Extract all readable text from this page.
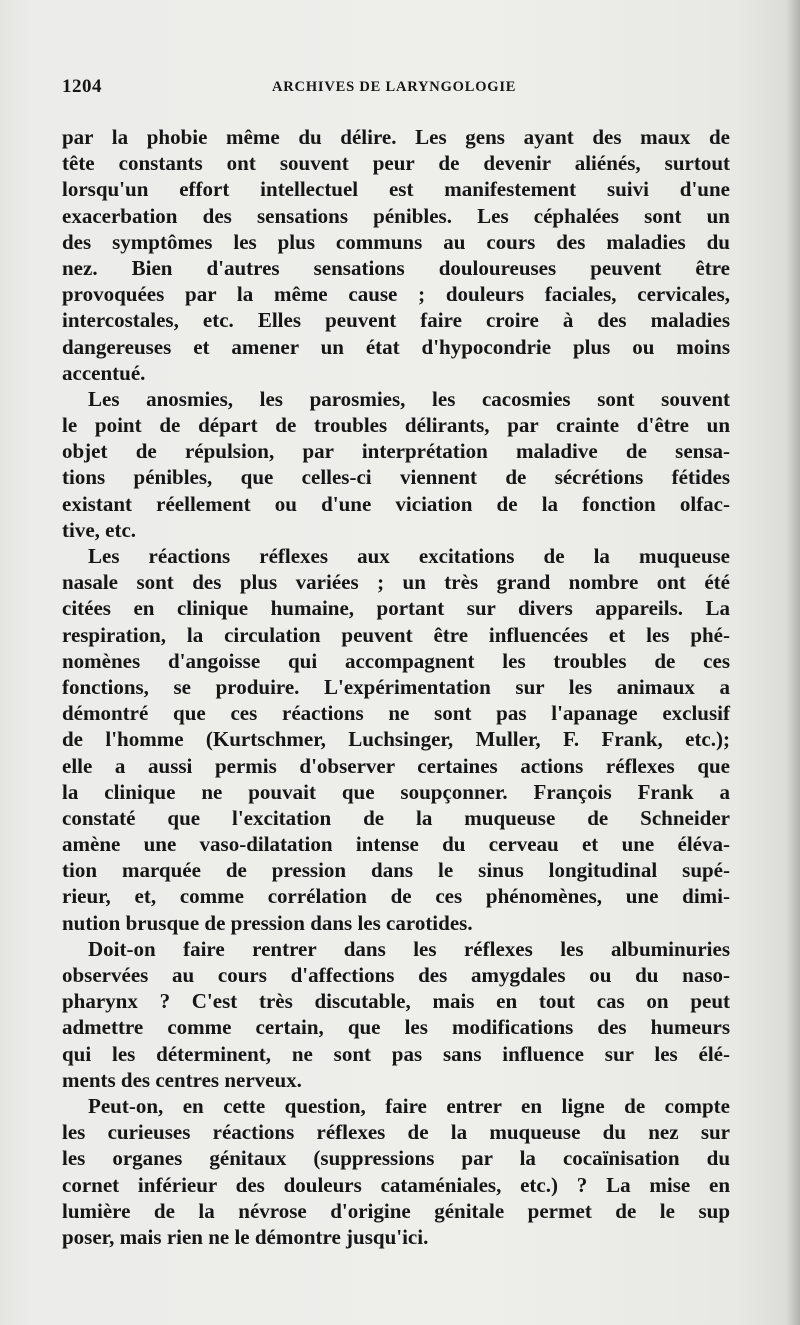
1204	ARCHIVES DE LARYNGOLOGIE

par la phobie même du délire. Les gens ayant des maux de
tête constants ont souvent peur de devenir aliénés, surtout
lorsqu'un effort intellectuel est manifestement suivi d'une
exacerbation des sensations pénibles. Les céphalées sont un
des symptômes les plus communs au cours des maladies du
nez. Bien d'autres sensations douloureuses peuvent être
provoquées par la même cause ; douleurs faciales, cervicales,
intercostales, etc. Elles peuvent faire croire à des maladies
dangereuses et amener un état d'hypocondrie plus ou moins
accentué.

Les anosmies, les parosmies, les cacosmies sont souvent
le point de départ de troubles délirants, par crainte d'être un
objet de répulsion, par interprétation maladive de sensa-
tions pénibles, que celles-ci viennent de sécrétions fétides
existant réellement ou d'une viciation de la fonction olfac-
tive, etc.

Les réactions réflexes aux excitations de la muqueuse
nasale sont des plus variées ; un très grand nombre ont été
citées en clinique humaine, portant sur divers appareils. La
respiration, la circulation peuvent être influencées et les phé-
nomènes d'angoisse qui accompagnent les troubles de ces
fonctions, se produire. L'expérimentation sur les animaux a
démontré que ces réactions ne sont pas l'apanage exclusif
de l'homme (Kurtschmer, Luchsinger, Muller, F. Frank, etc.);
elle a aussi permis d'observer certaines actions réflexes que
la clinique ne pouvait que soupçonner. François Frank a
constaté que l'excitation de la muqueuse de Schneider
amène une vaso-dilatation intense du cerveau et une éléva-
tion marquée de pression dans le sinus longitudinal supé-
rieur, et, comme corrélation de ces phénomènes, une dimi-
nution brusque de pression dans les carotides.

Doit-on faire rentrer dans les réflexes les albuminuries
observées au cours d'affections des amygdales ou du naso-
pharynx ? C'est très discutable, mais en tout cas on peut
admettre comme certain, que les modifications des humeurs
qui les déterminent, ne sont pas sans influence sur les élé-
ments des centres nerveux.

Peut-on, en cette question, faire entrer en ligne de compte
les curieuses réactions réflexes de la muqueuse du nez sur
les organes génitaux (suppressions par la cocaïnisation du
cornet inférieur des douleurs cataméniales, etc.) ? La mise en
lumière de la névrose d'origine génitale permet de le sup
poser, mais rien ne le démontre jusqu'ici.
